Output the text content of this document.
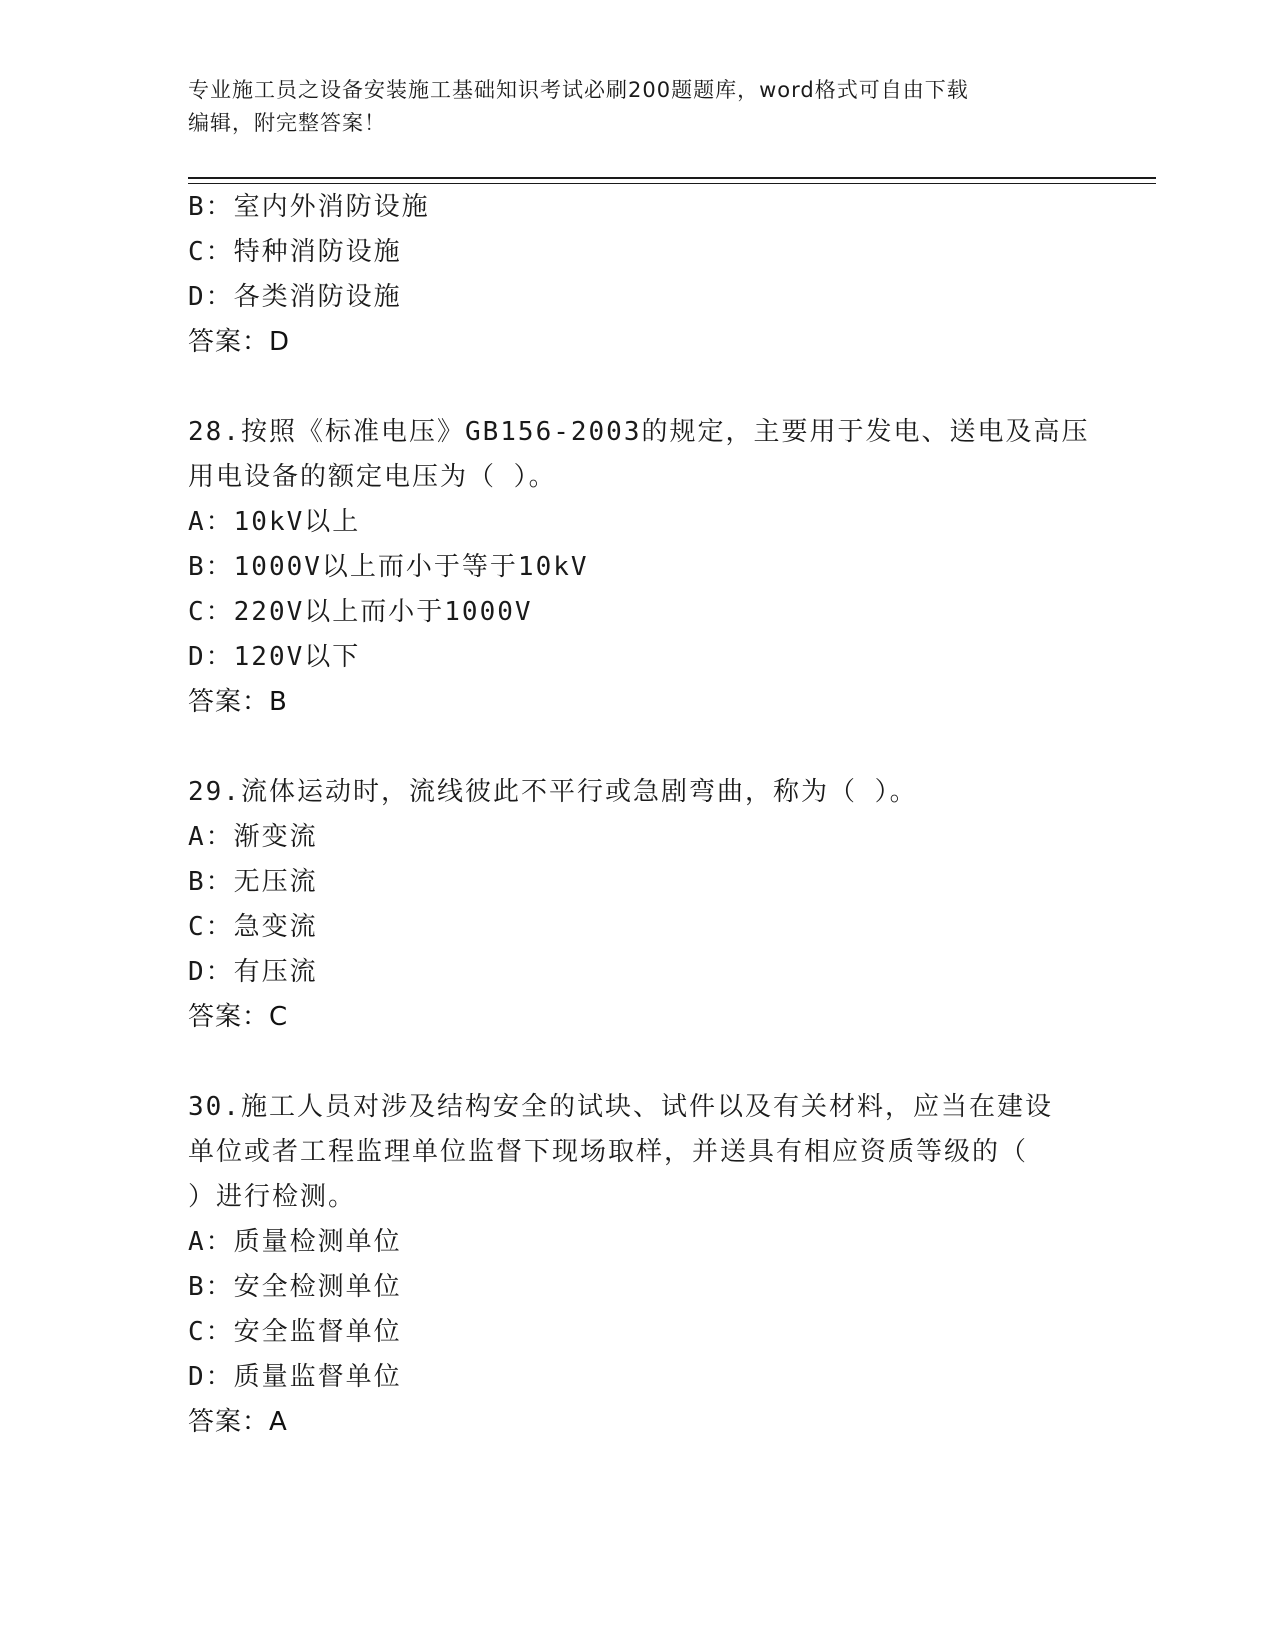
专业施工员之设备安装施工基础知识考试必刷200题题库，word格式可自由下载
编辑，附完整答案！
B：室内外消防设施
C：特种消防设施
D：各类消防设施
答案：D
28.按照《标准电压》GB156-2003的规定，主要用于发电、送电及高压
用电设备的额定电压为（ ）。
A：10kV以上
B：1000V以上而小于等于10kV
C：220V以上而小于1000V
D：120V以下
答案：B
29.流体运动时，流线彼此不平行或急剧弯曲，称为（ ）。
A：渐变流
B：无压流
C：急变流
D：有压流
答案：C
30.施工人员对涉及结构安全的试块、试件以及有关材料，应当在建设
单位或者工程监理单位监督下现场取样，并送具有相应资质等级的（
）进行检测。
A：质量检测单位
B：安全检测单位
C：安全监督单位
D：质量监督单位
答案：A
